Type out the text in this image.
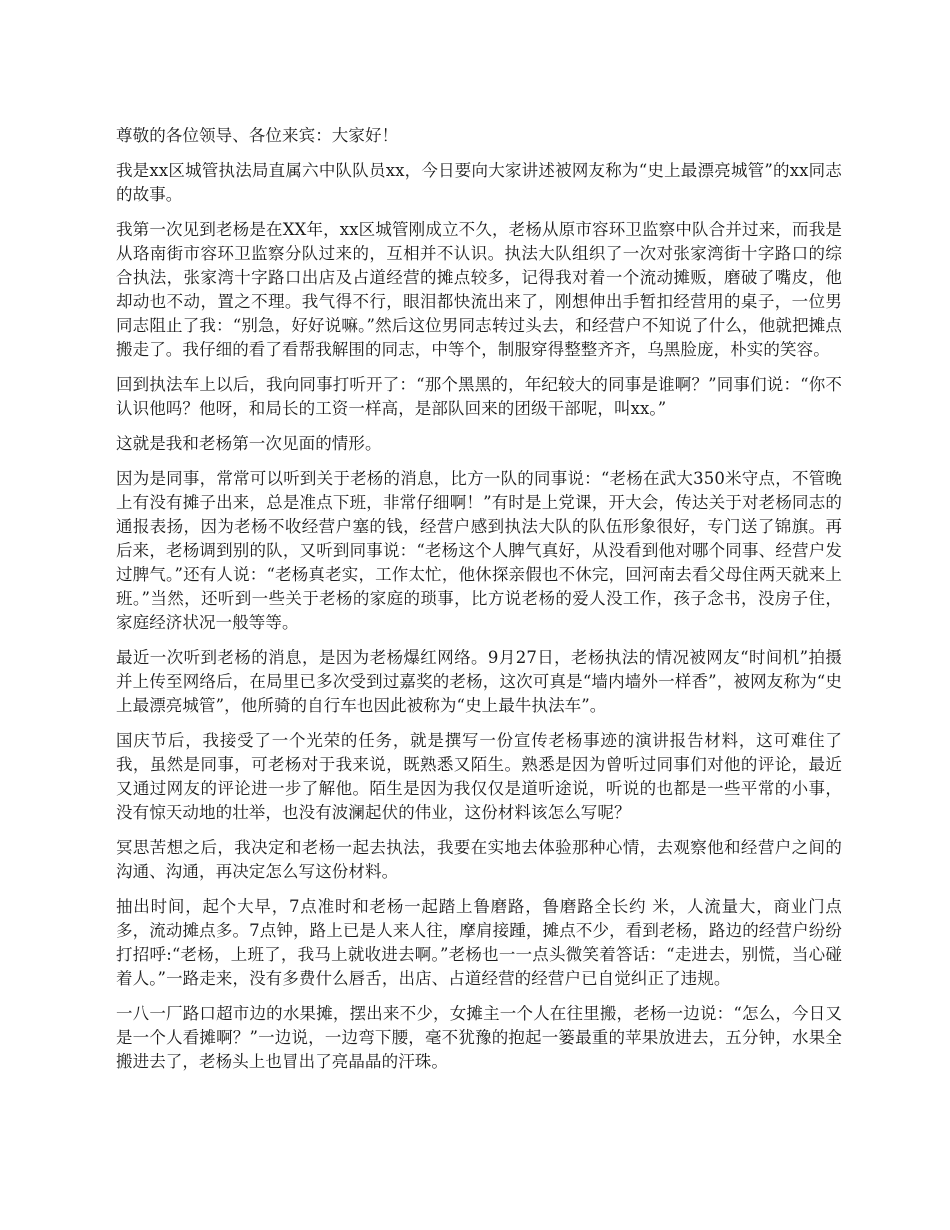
尊敬的各位领导、各位来宾：大家好！

我是xx区城管执法局直属六中队队员xx，今日要向大家讲述被网友称为“史上最漂亮城管”的xx同志的故事。

我第一次见到老杨是在XX年，xx区城管刚成立不久，老杨从原市容环卫监察中队合并过来，而我是从珞南街市容环卫监察分队过来的，互相并不认识。执法大队组织了一次对张家湾街十字路口的综合执法，张家湾十字路口出店及占道经营的摊点较多，记得我对着一个流动摊贩，磨破了嘴皮，他却动也不动，置之不理。我气得不行，眼泪都快流出来了，刚想伸出手暂扣经营用的桌子，一位男同志阻止了我：“别急，好好说嘛。”然后这位男同志转过头去，和经营户不知说了什么，他就把摊点搬走了。我仔细的看了看帮我解围的同志，中等个，制服穿得整整齐齐，乌黑脸庞，朴实的笑容。

回到执法车上以后，我向同事打听开了：“那个黑黑的，年纪较大的同事是谁啊？”同事们说：“你不认识他吗？他呀，和局长的工资一样高，是部队回来的团级干部呢，叫xx。”

这就是我和老杨第一次见面的情形。

因为是同事，常常可以听到关于老杨的消息，比方一队的同事说：“老杨在武大350米守点，不管晚上有没有摊子出来，总是准点下班，非常仔细啊！”有时是上党课，开大会，传达关于对老杨同志的通报表扬，因为老杨不收经营户塞的钱，经营户感到执法大队的队伍形象很好，专门送了锦旗。再后来，老杨调到别的队，又听到同事说：“老杨这个人脾气真好，从没看到他对哪个同事、经营户发过脾气。”还有人说：“老杨真老实，工作太忙，他休探亲假也不休完，回河南去看父母住两天就来上班。”当然，还听到一些关于老杨的家庭的琐事，比方说老杨的爱人没工作，孩子念书，没房子住，家庭经济状况一般等等。

最近一次听到老杨的消息，是因为老杨爆红网络。9月27日，老杨执法的情况被网友“时间机”拍摄并上传至网络后，在局里已多次受到过嘉奖的老杨，这次可真是“墙内墙外一样香”，被网友称为“史上最漂亮城管”，他所骑的自行车也因此被称为“史上最牛执法车”。

国庆节后，我接受了一个光荣的任务，就是撰写一份宣传老杨事迹的演讲报告材料，这可难住了我，虽然是同事，可老杨对于我来说，既熟悉又陌生。熟悉是因为曾听过同事们对他的评论，最近又通过网友的评论进一步了解他。陌生是因为我仅仅是道听途说，听说的也都是一些平常的小事，没有惊天动地的壮举，也没有波澜起伏的伟业，这份材料该怎么写呢？

冥思苦想之后，我决定和老杨一起去执法，我要在实地去体验那种心情，去观察他和经营户之间的沟通、沟通，再决定怎么写这份材料。

抽出时间，起个大早，7点准时和老杨一起踏上鲁磨路，鲁磨路全长约 米，人流量大，商业门点多，流动摊点多。7点钟，路上已是人来人往，摩肩接踵，摊点不少，看到老杨，路边的经营户纷纷打招呼:“老杨，上班了，我马上就收进去啊。”老杨也一一点头微笑着答话：“走进去，别慌，当心碰着人。”一路走来，没有多费什么唇舌，出店、占道经营的经营户已自觉纠正了违规。

一八一厂路口超市边的水果摊，摆出来不少，女摊主一个人在往里搬，老杨一边说：“怎么，今日又是一个人看摊啊？”一边说，一边弯下腰，毫不犹豫的抱起一篓最重的苹果放进去，五分钟，水果全搬进去了，老杨头上也冒出了亮晶晶的汗珠。
